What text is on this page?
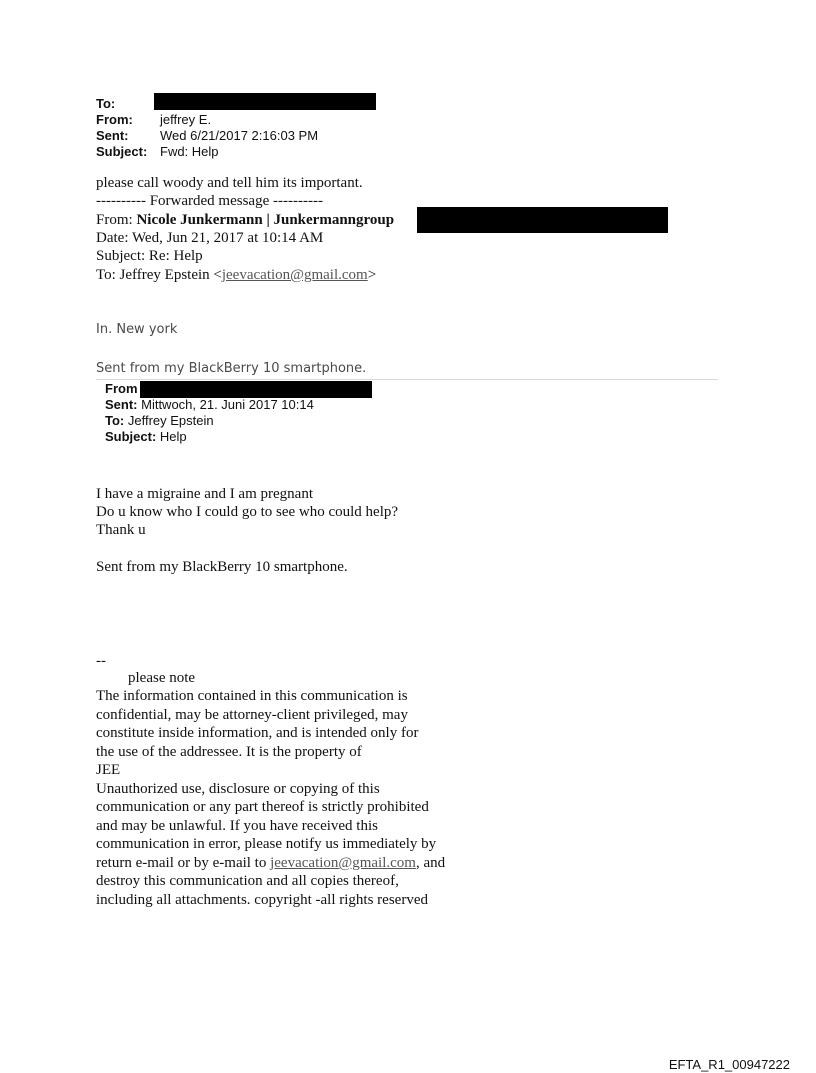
To:
From: jeffrey E.
Sent: Wed 6/21/2017 2:16:03 PM
Subject: Fwd: Help
please call woody and tell him its important.
---------- Forwarded message ----------
From: Nicole Junkermann | Junkermanngroup
Date: Wed, Jun 21, 2017 at 10:14 AM
Subject: Re: Help
To: Jeffrey Epstein <jeevacation@gmail.com>
In. New york
Sent from my BlackBerry 10 smartphone.
From
Sent: Mittwoch, 21. Juni 2017 10:14
To: Jeffrey Epstein
Subject: Help
I have a migraine and I am pregnant
Do u know who I could go to see who could help?
Thank u
Sent from my BlackBerry 10 smartphone.
--
please note
The information contained in this communication is
confidential, may be attorney-client privileged, may
constitute inside information, and is intended only for
the use of the addressee. It is the property of
JEE
Unauthorized use, disclosure or copying of this
communication or any part thereof is strictly prohibited
and may be unlawful. If you have received this
communication in error, please notify us immediately by
return e-mail or by e-mail to jeevacation@gmail.com, and
destroy this communication and all copies thereof,
including all attachments. copyright -all rights reserved
EFTA_R1_00947222
